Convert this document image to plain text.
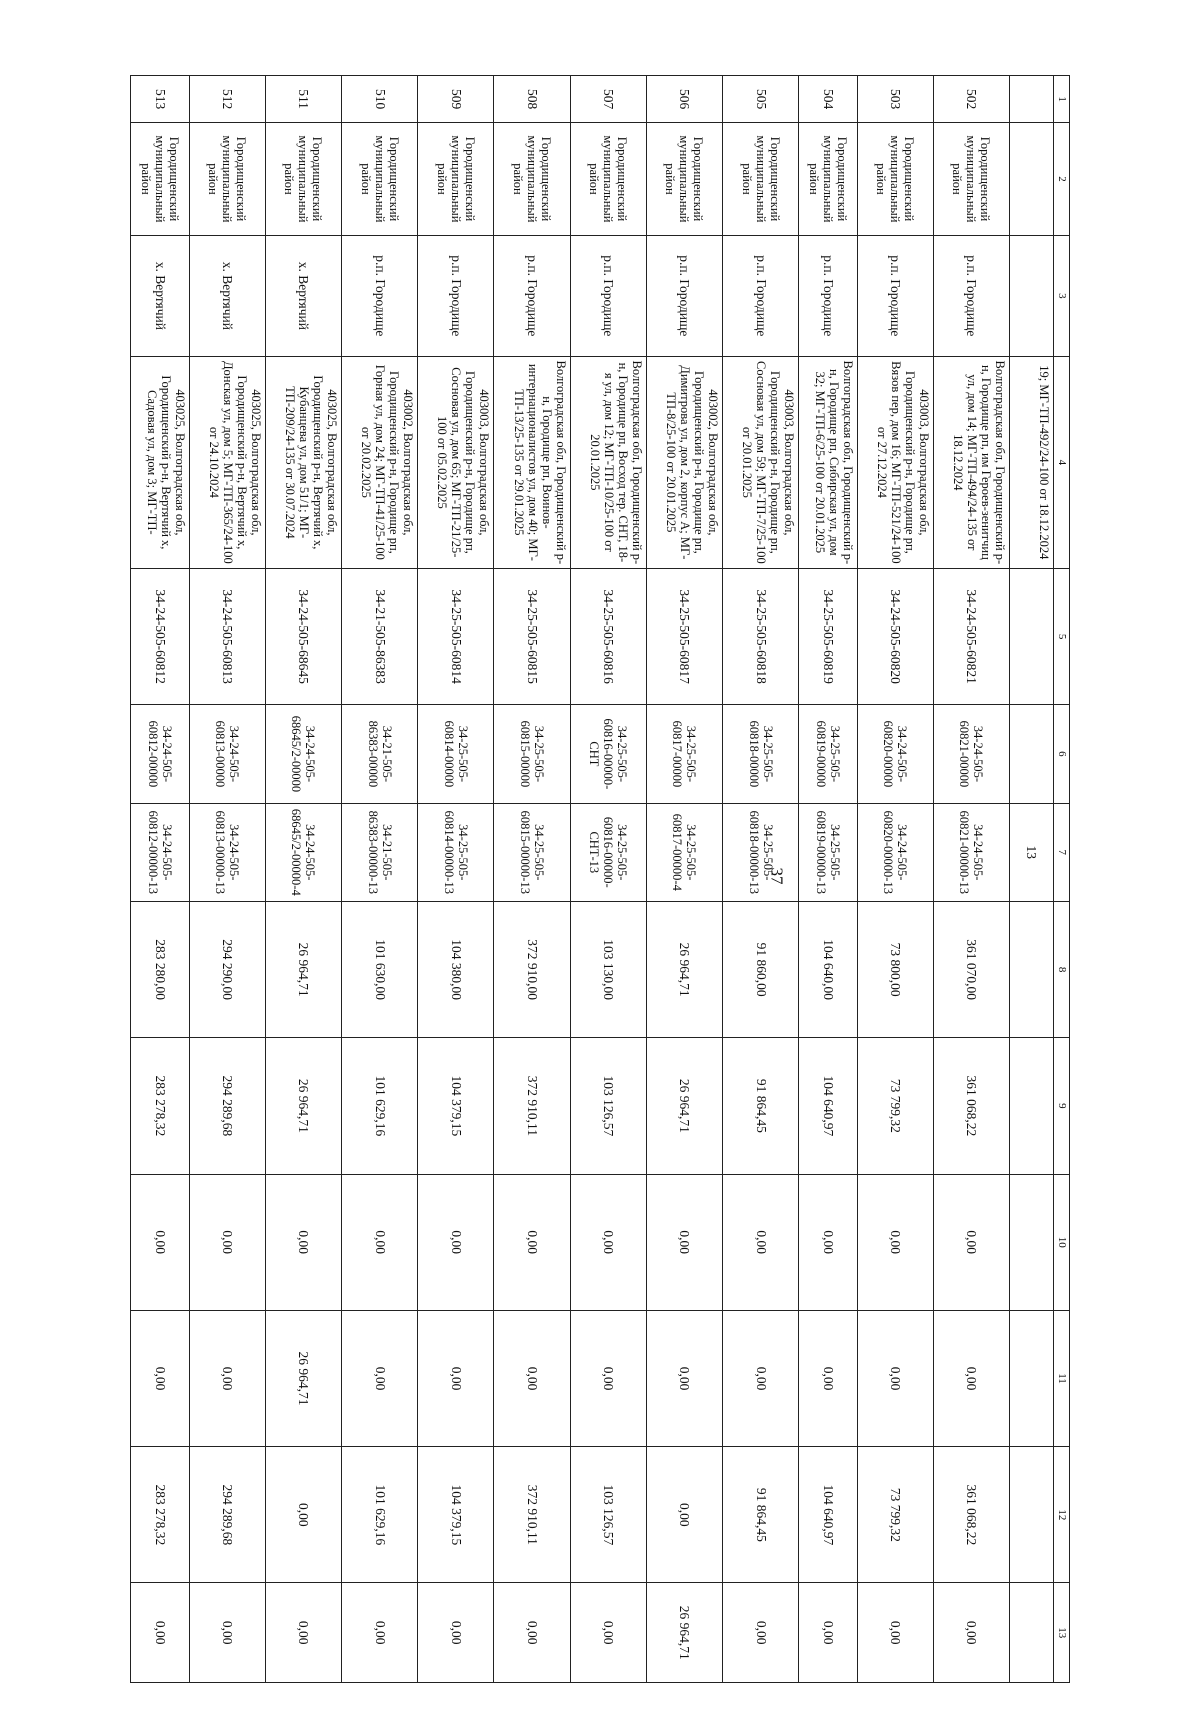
37
1	2	3	4	5	6	7	8	9	10	11	12	13
			19; МГ-ТП-492/24-100 от 18.12.2024			13						
502	Городищенский муниципальный район	р.п. Городище	Волгоградская обл, Городищенский р-н, Городище рп, им Героев-зенитчиц ул, дом 14; МГ-ТП-494/24-135 от 18.12.2024	34-24-505-60821	34-24-505-60821-00000	34-24-505-60821-00000-13	361 070,00	361 068,22	0,00	0,00	361 068,22	0,00
503	Городищенский муниципальный район	р.п. Городище	403003, Волгоградская обл, Городищенский р-н, Городище рп, Вязов пер, дом 16; МГ-ТП-521/24-100 от 27.12.2024	34-24-505-60820	34-24-505-60820-00000	34-24-505-60820-00000-13	73 800,00	73 799,32	0,00	0,00	73 799,32	0,00
504	Городищенский муниципальный район	р.п. Городище	Волгоградская обл, Городищенский р-н, Городище рп, Сибирская ул, дом 32; МГ-ТП-6/25-100 от 20.01.2025	34-25-505-60819	34-25-505-60819-00000	34-25-505-60819-00000-13	104 640,00	104 640,97	0,00	0,00	104 640,97	0,00
505	Городищенский муниципальный район	р.п. Городище	403003, Волгоградская обл, Городищенский р-н, Городище рп, Сосновая ул, дом 59; МГ-ТП-7/25-100 от 20.01.2025	34-25-505-60818	34-25-505-60818-00000	34-25-505-60818-00000-13	91 860,00	91 864,45	0,00	0,00	91 864,45	0,00
506	Городищенский муниципальный район	р.п. Городище	403002, Волгоградская обл, Городищенский р-н, Городище рп, Димитрова ул, дом 2, корпус А; МГ-ТП-8/25-100 от 20.01.2025	34-25-505-60817	34-25-505-60817-00000	34-25-505-60817-00000-4	26 964,71	26 964,71	0,00	0,00	0,00	26 964,71
507	Городищенский муниципальный район	р.п. Городище	Волгоградская обл, Городищенский р-н, Городище рп, Восход тер. СНТ, 18-я ул, дом 12; МГ-ТП-10/25-100 от 20.01.2025	34-25-505-60816	34-25-505-60816-00000-СНТ	34-25-505-60816-00000-СНТ-13	103 130,00	103 126,57	0,00	0,00	103 126,57	0,00
508	Городищенский муниципальный район	р.п. Городище	Волгоградская обл, Городищенский р-н, Городище рп, Воинов-интернационалистов ул, дом 40; МГ-ТП-13/25-135 от 29.01.2025	34-25-505-60815	34-25-505-60815-00000	34-25-505-60815-00000-13	372 910,00	372 910,11	0,00	0,00	372 910,11	0,00
509	Городищенский муниципальный район	р.п. Городище	403003, Волгоградская обл, Городищенский р-н, Городище рп, Сосновая ул, дом 65; МГ-ТП-21/25-100 от 05.02.2025	34-25-505-60814	34-25-505-60814-00000	34-25-505-60814-00000-13	104 380,00	104 379,15	0,00	0,00	104 379,15	0,00
510	Городищенский муниципальный район	р.п. Городище	403002, Волгоградская обл, Городищенский р-н, Городище рп, Горная ул, дом 24; МГ-ТП-41/25-100 от 20.02.2025	34-21-505-86383	34-21-505-86383-00000	34-21-505-86383-00000-13	101 630,00	101 629,16	0,00	0,00	101 629,16	0,00
511	Городищенский муниципальный район	х. Вертячий	403025, Волгоградская обл, Городищенский р-н, Вертячий х, Кубанцева ул, дом 51/1; МГ-ТП-209/24-135 от 30.07.2024	34-24-505-68645	34-24-505-68645/2-00000	34-24-505-68645/2-00000-4	26 964,71	26 964,71	0,00	26 964,71	0,00	0,00
512	Городищенский муниципальный район	х. Вертячий	403025, Волгоградская обл, Городищенский р-н, Вертячий х, Донская ул, дом 5; МГ-ТП-365/24-100 от 24.10.2024	34-24-505-60813	34-24-505-60813-00000	34-24-505-60813-00000-13	294 290,00	294 289,68	0,00	0,00	294 289,68	0,00
513	Городищенский муниципальный район	х. Вертячий	403025, Волгоградская обл, Городищенский р-н, Вертячий х, Садовая ул, дом 3; МГ-ТП-	34-24-505-60812	34-24-505-60812-00000	34-24-505-60812-00000-13	283 280,00	283 278,32	0,00	0,00	283 278,32	0,00
